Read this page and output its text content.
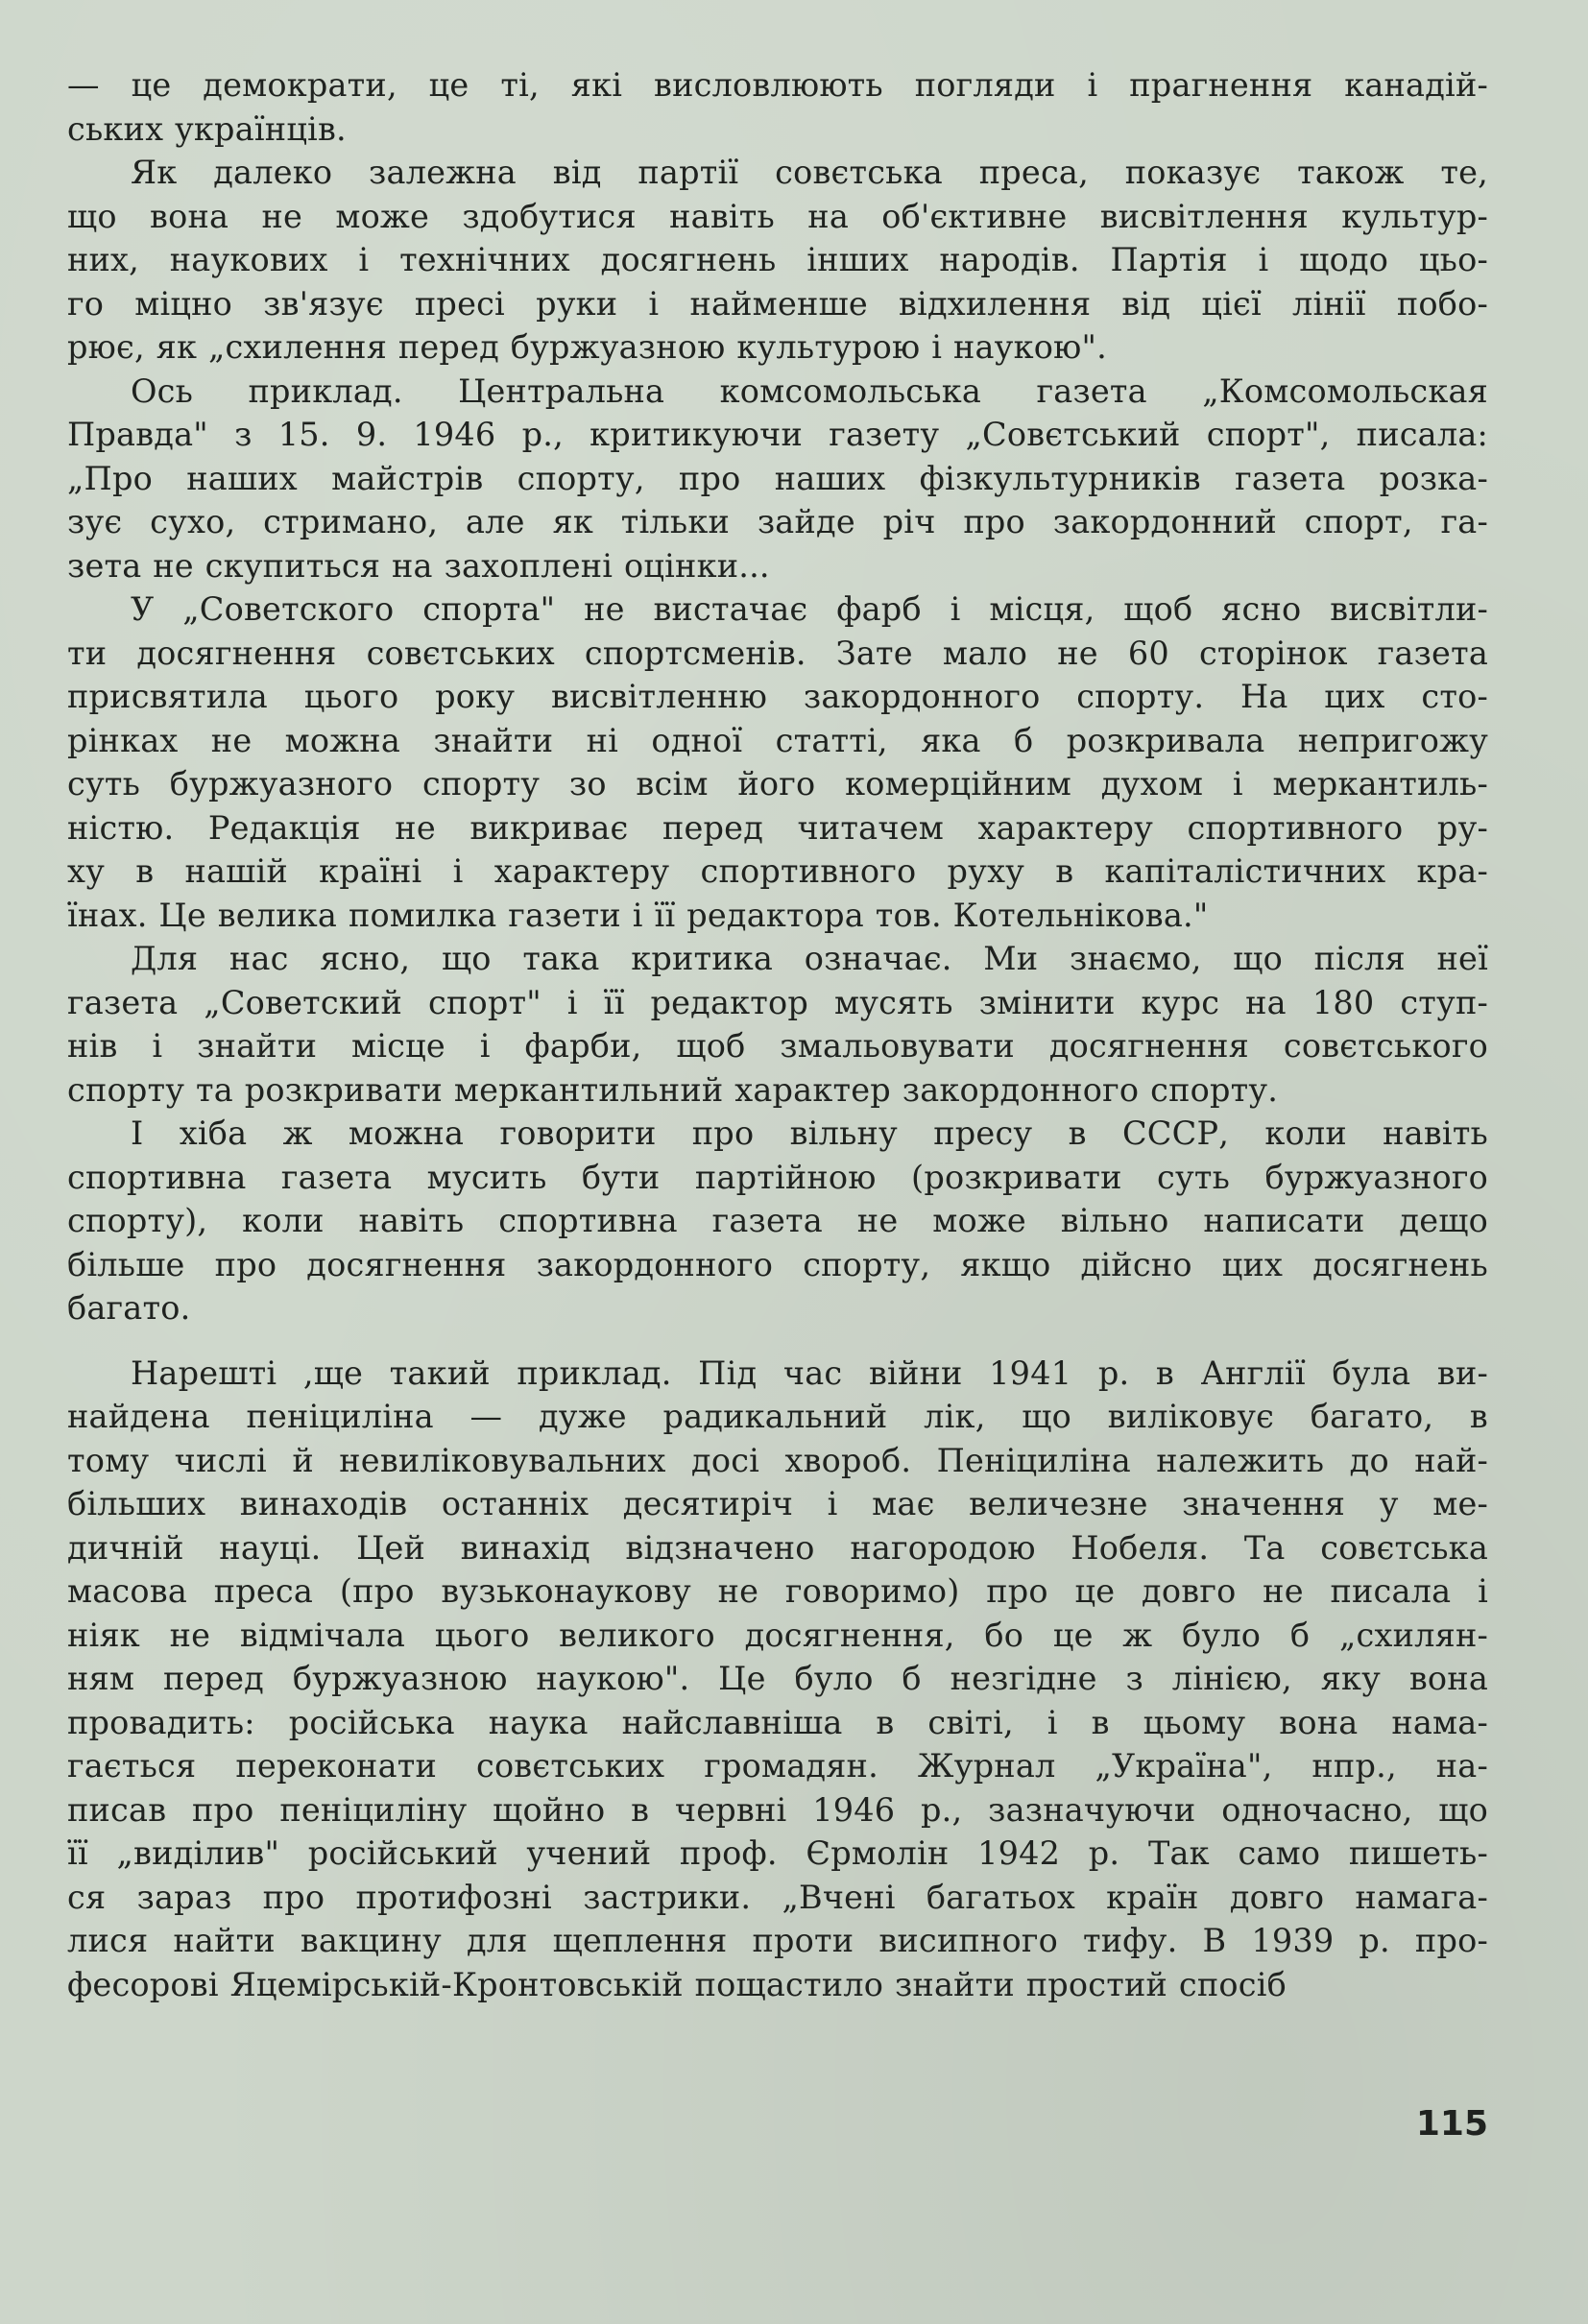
— це демократи, це ті, які висловлюють погляди і прагнення канадій-
ських українців.
Як далеко залежна від партії совєтська преса, показує також те,
що вона не може здобутися навіть на об'єктивне висвітлення культур-
них, наукових і технічних досягнень інших народів. Партія і щодо цьо-
го міцно зв'язує пресі руки і найменше відхилення від цієї лінії побо-
рює, як „схилення перед буржуазною культурою і наукою".
Ось приклад. Центральна комсомольська газета „Комсомольская
Правда" з 15. 9. 1946 р., критикуючи газету „Совєтський спорт", писала:
„Про наших майстрів спорту, про наших фізкультурників газета розка-
зує сухо, стримано, але як тільки зайде річ про закордонний спорт, га-
зета не скупиться на захоплені оцінки...
У „Советского спорта" не вистачає фарб і місця, щоб ясно висвітли-
ти досягнення совєтських спортсменів. Зате мало не 60 сторінок газета
присвятила цього року висвітленню закордонного спорту. На цих сто-
рінках не можна знайти ні одної статті, яка б розкривала непригожу
суть буржуазного спорту зо всім його комерційним духом і меркантиль-
ністю. Редакція не викриває перед читачем характеру спортивного ру-
ху в нашій країні і характеру спортивного руху в капіталістичних кра-
їнах. Це велика помилка газети і її редактора тов. Котельнікова."
Для нас ясно, що така критика означає. Ми знаємо, що після неї
газета „Советский спорт" і її редактор мусять змінити курс на 180 ступ-
нів і знайти місце і фарби, щоб змальовувати досягнення совєтського
спорту та розкривати меркантильний характер закордонного спорту.
І хіба ж можна говорити про вільну пресу в СССР, коли навіть
спортивна газета мусить бути партійною (розкривати суть буржуазного
спорту), коли навіть спортивна газета не може вільно написати дещо
більше про досягнення закордонного спорту, якщо дійсно цих досягнень
багато.
Нарешті ,ще такий приклад. Під час війни 1941 р. в Англії була ви-
найдена пеніциліна — дуже радикальний лік, що виліковує багато, в
тому числі й невиліковувальних досі хвороб. Пеніциліна належить до най-
більших винаходів останніх десятиріч і має величезне значення у ме-
дичній науці. Цей винахід відзначено нагородою Нобеля. Та совєтська
масова преса (про вузьконаукову не говоримо) про це довго не писала і
ніяк не відмічала цього великого досягнення, бо це ж було б „схилян-
ням перед буржуазною наукою". Це було б незгідне з лінією, яку вона
провадить: російська наука найславніша в світі, і в цьому вона нама-
гається переконати совєтських громадян. Журнал „Україна", нпр., на-
писав про пеніциліну щойно в червні 1946 р., зазначуючи одночасно, що
її „виділив" російський учений проф. Єрмолін 1942 р. Так само пишеть-
ся зараз про протифозні застрики. „Вчені багатьох країн довго намага-
лися найти вакцину для щеплення проти висипного тифу. В 1939 р. про-
фесорові Яцемірській-Кронтовській пощастило знайти простий спосіб
115
